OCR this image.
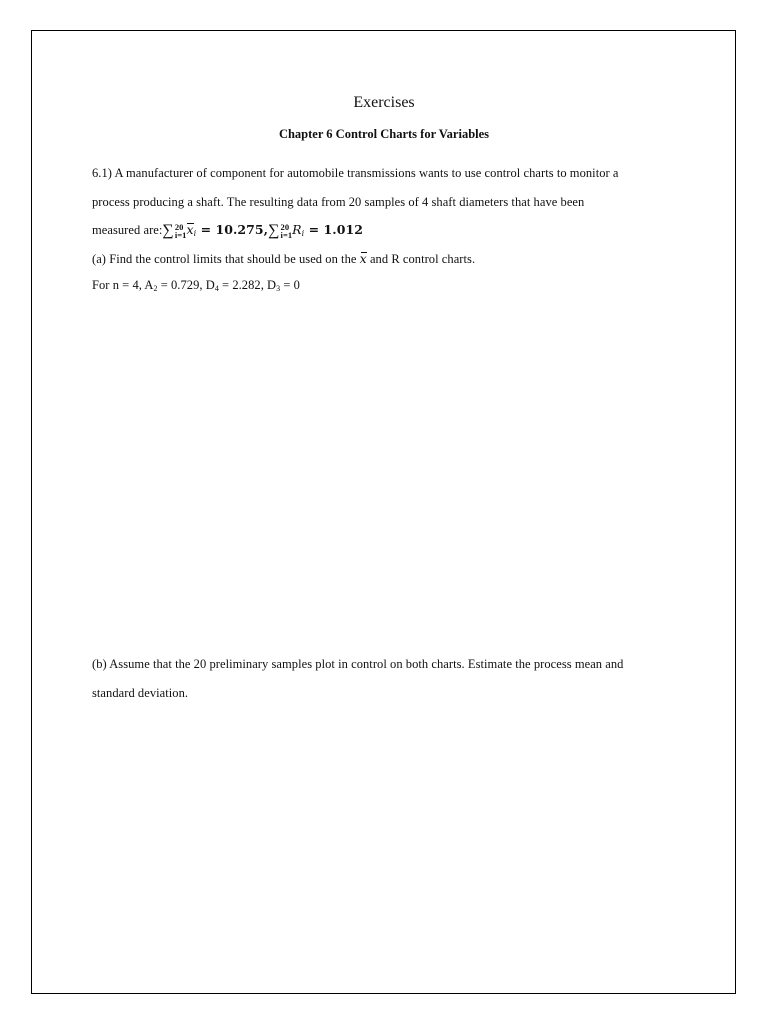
Exercises
Chapter 6 Control Charts for Variables
6.1) A manufacturer of component for automobile transmissions wants to use control charts to monitor a
process producing a shaft. The resulting data from 20 samples of 4 shaft diameters that have been
measured are:∑ 20
i=1 $x_i = 10.275,\sum$ 20
i=1 $R_i = 1.012$
(a) Find the control limits that should be used on the x and R control charts.
For n = 4, $A_2 = 0.729$, $D_4 = 2.282$, $D_3 = 0$
(b) Assume that the 20 preliminary samples plot in control on both charts. Estimate the process mean and
standard deviation.
